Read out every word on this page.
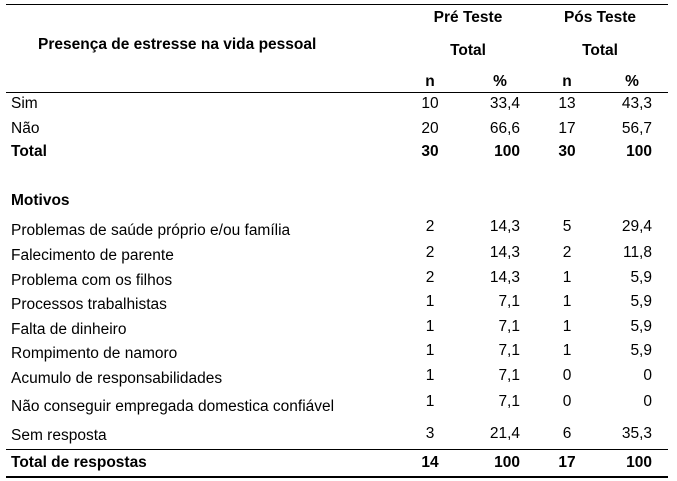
Presença de estresse na vida pessoal
Pré Teste
Total
Pós Teste
Total
n	%	n	%
Sim	10	33,4	13	43,3
Não	20	66,6	17	56,7
Total	30	100	30	100
Motivos
Problemas de saúde próprio e/ou família	2	14,3	5	29,4
Falecimento de parente	2	14,3	2	11,8
Problema com os filhos	2	14,3	1	5,9
Processos trabalhistas	1	7,1	1	5,9
Falta de dinheiro	1	7,1	1	5,9
Rompimento de namoro	1	7,1	1	5,9
Acumulo de responsabilidades	1	7,1	0	0
Não conseguir empregada domestica confiável	1	7,1	0	0
Sem resposta	3	21,4	6	35,3
Total de respostas	14	100	17	100
